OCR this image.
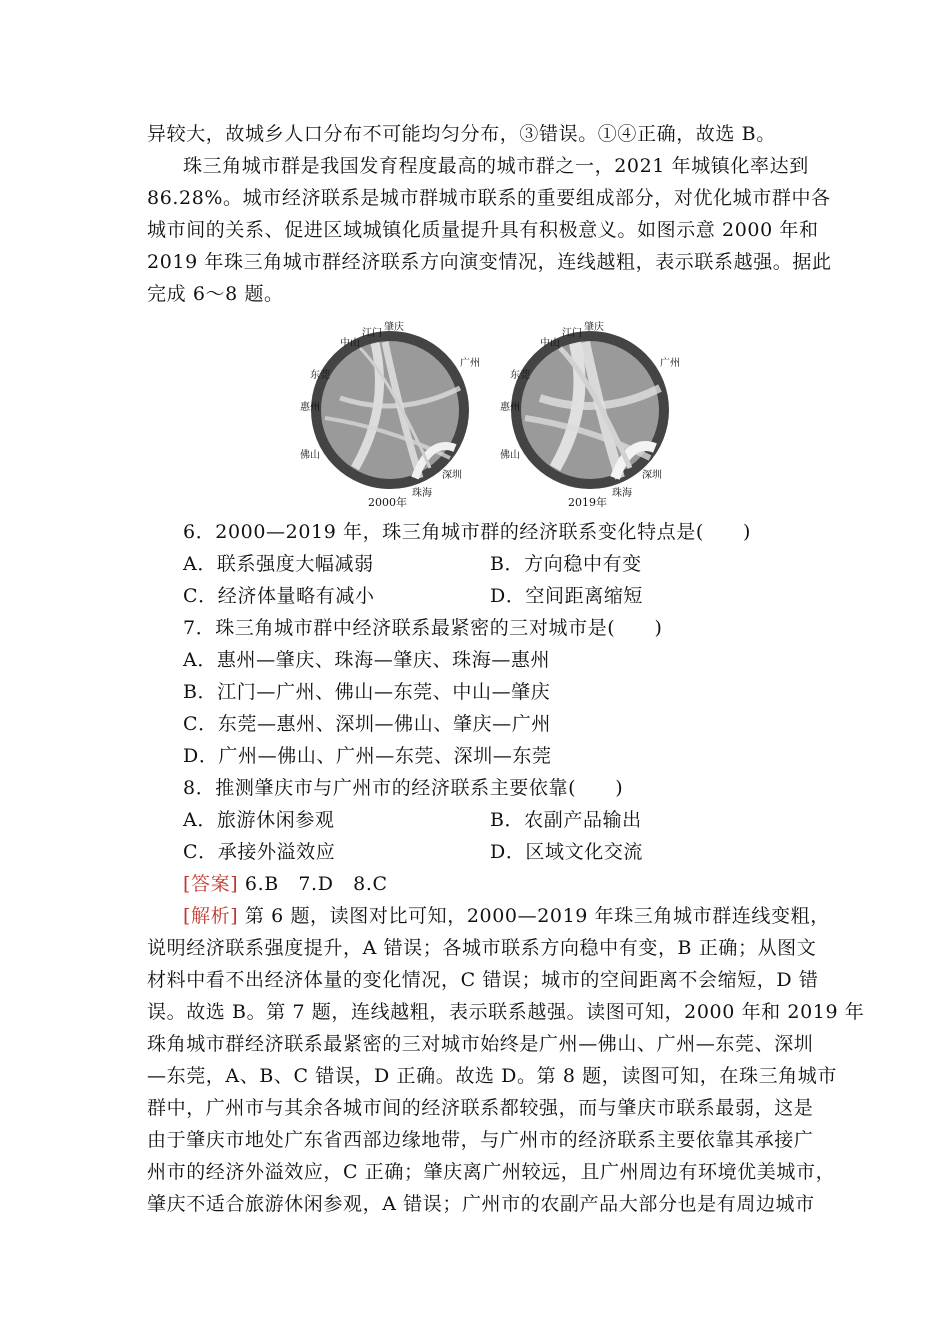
异较大，故城乡人口分布不可能均匀分布，③错误。①④正确，故选 B。
珠三角城市群是我国发育程度最高的城市群之一，2021 年城镇化率达到
86.28%。城市经济联系是城市群城市联系的重要组成部分，对优化城市群中各
城市间的关系、促进区域城镇化质量提升具有积极意义。如图示意 2000 年和
2019 年珠三角城市群经济联系方向演变情况，连线越粗，表示联系越强。据此
完成 6～8 题。
中山
江门
肇庆
广州
深圳
珠海
佛山
惠州
东莞
2000年
中山
江门
肇庆
广州
深圳
珠海
佛山
惠州
东莞
2019年
6．2000—2019 年，珠三角城市群的经济联系变化特点是(　　)
A．联系强度大幅减弱	B．方向稳中有变
C．经济体量略有减小	D．空间距离缩短
7．珠三角城市群中经济联系最紧密的三对城市是(　　)
A．惠州—肇庆、珠海—肇庆、珠海—惠州
B．江门—广州、佛山—东莞、中山—肇庆
C．东莞—惠州、深圳—佛山、肇庆—广州
D．广州—佛山、广州—东莞、深圳—东莞
8．推测肇庆市与广州市的经济联系主要依靠(　　)
A．旅游休闲参观	B．农副产品输出
C．承接外溢效应	D．区域文化交流
[答案] 6.B　7.D　8.C
[解析] 第 6 题，读图对比可知，2000—2019 年珠三角城市群连线变粗，
说明经济联系强度提升，A 错误；各城市联系方向稳中有变，B 正确；从图文
材料中看不出经济体量的变化情况，C 错误；城市的空间距离不会缩短，D 错
误。故选 B。第 7 题，连线越粗，表示联系越强。读图可知，2000 年和 2019 年
珠角城市群经济联系最紧密的三对城市始终是广州—佛山、广州—东莞、深圳
—东莞，A、B、C 错误，D 正确。故选 D。第 8 题，读图可知，在珠三角城市
群中，广州市与其余各城市间的经济联系都较强，而与肇庆市联系最弱，这是
由于肇庆市地处广东省西部边缘地带，与广州市的经济联系主要依靠其承接广
州市的经济外溢效应，C 正确；肇庆离广州较远，且广州周边有环境优美城市，
肇庆不适合旅游休闲参观，A 错误；广州市的农副产品大部分也是有周边城市
